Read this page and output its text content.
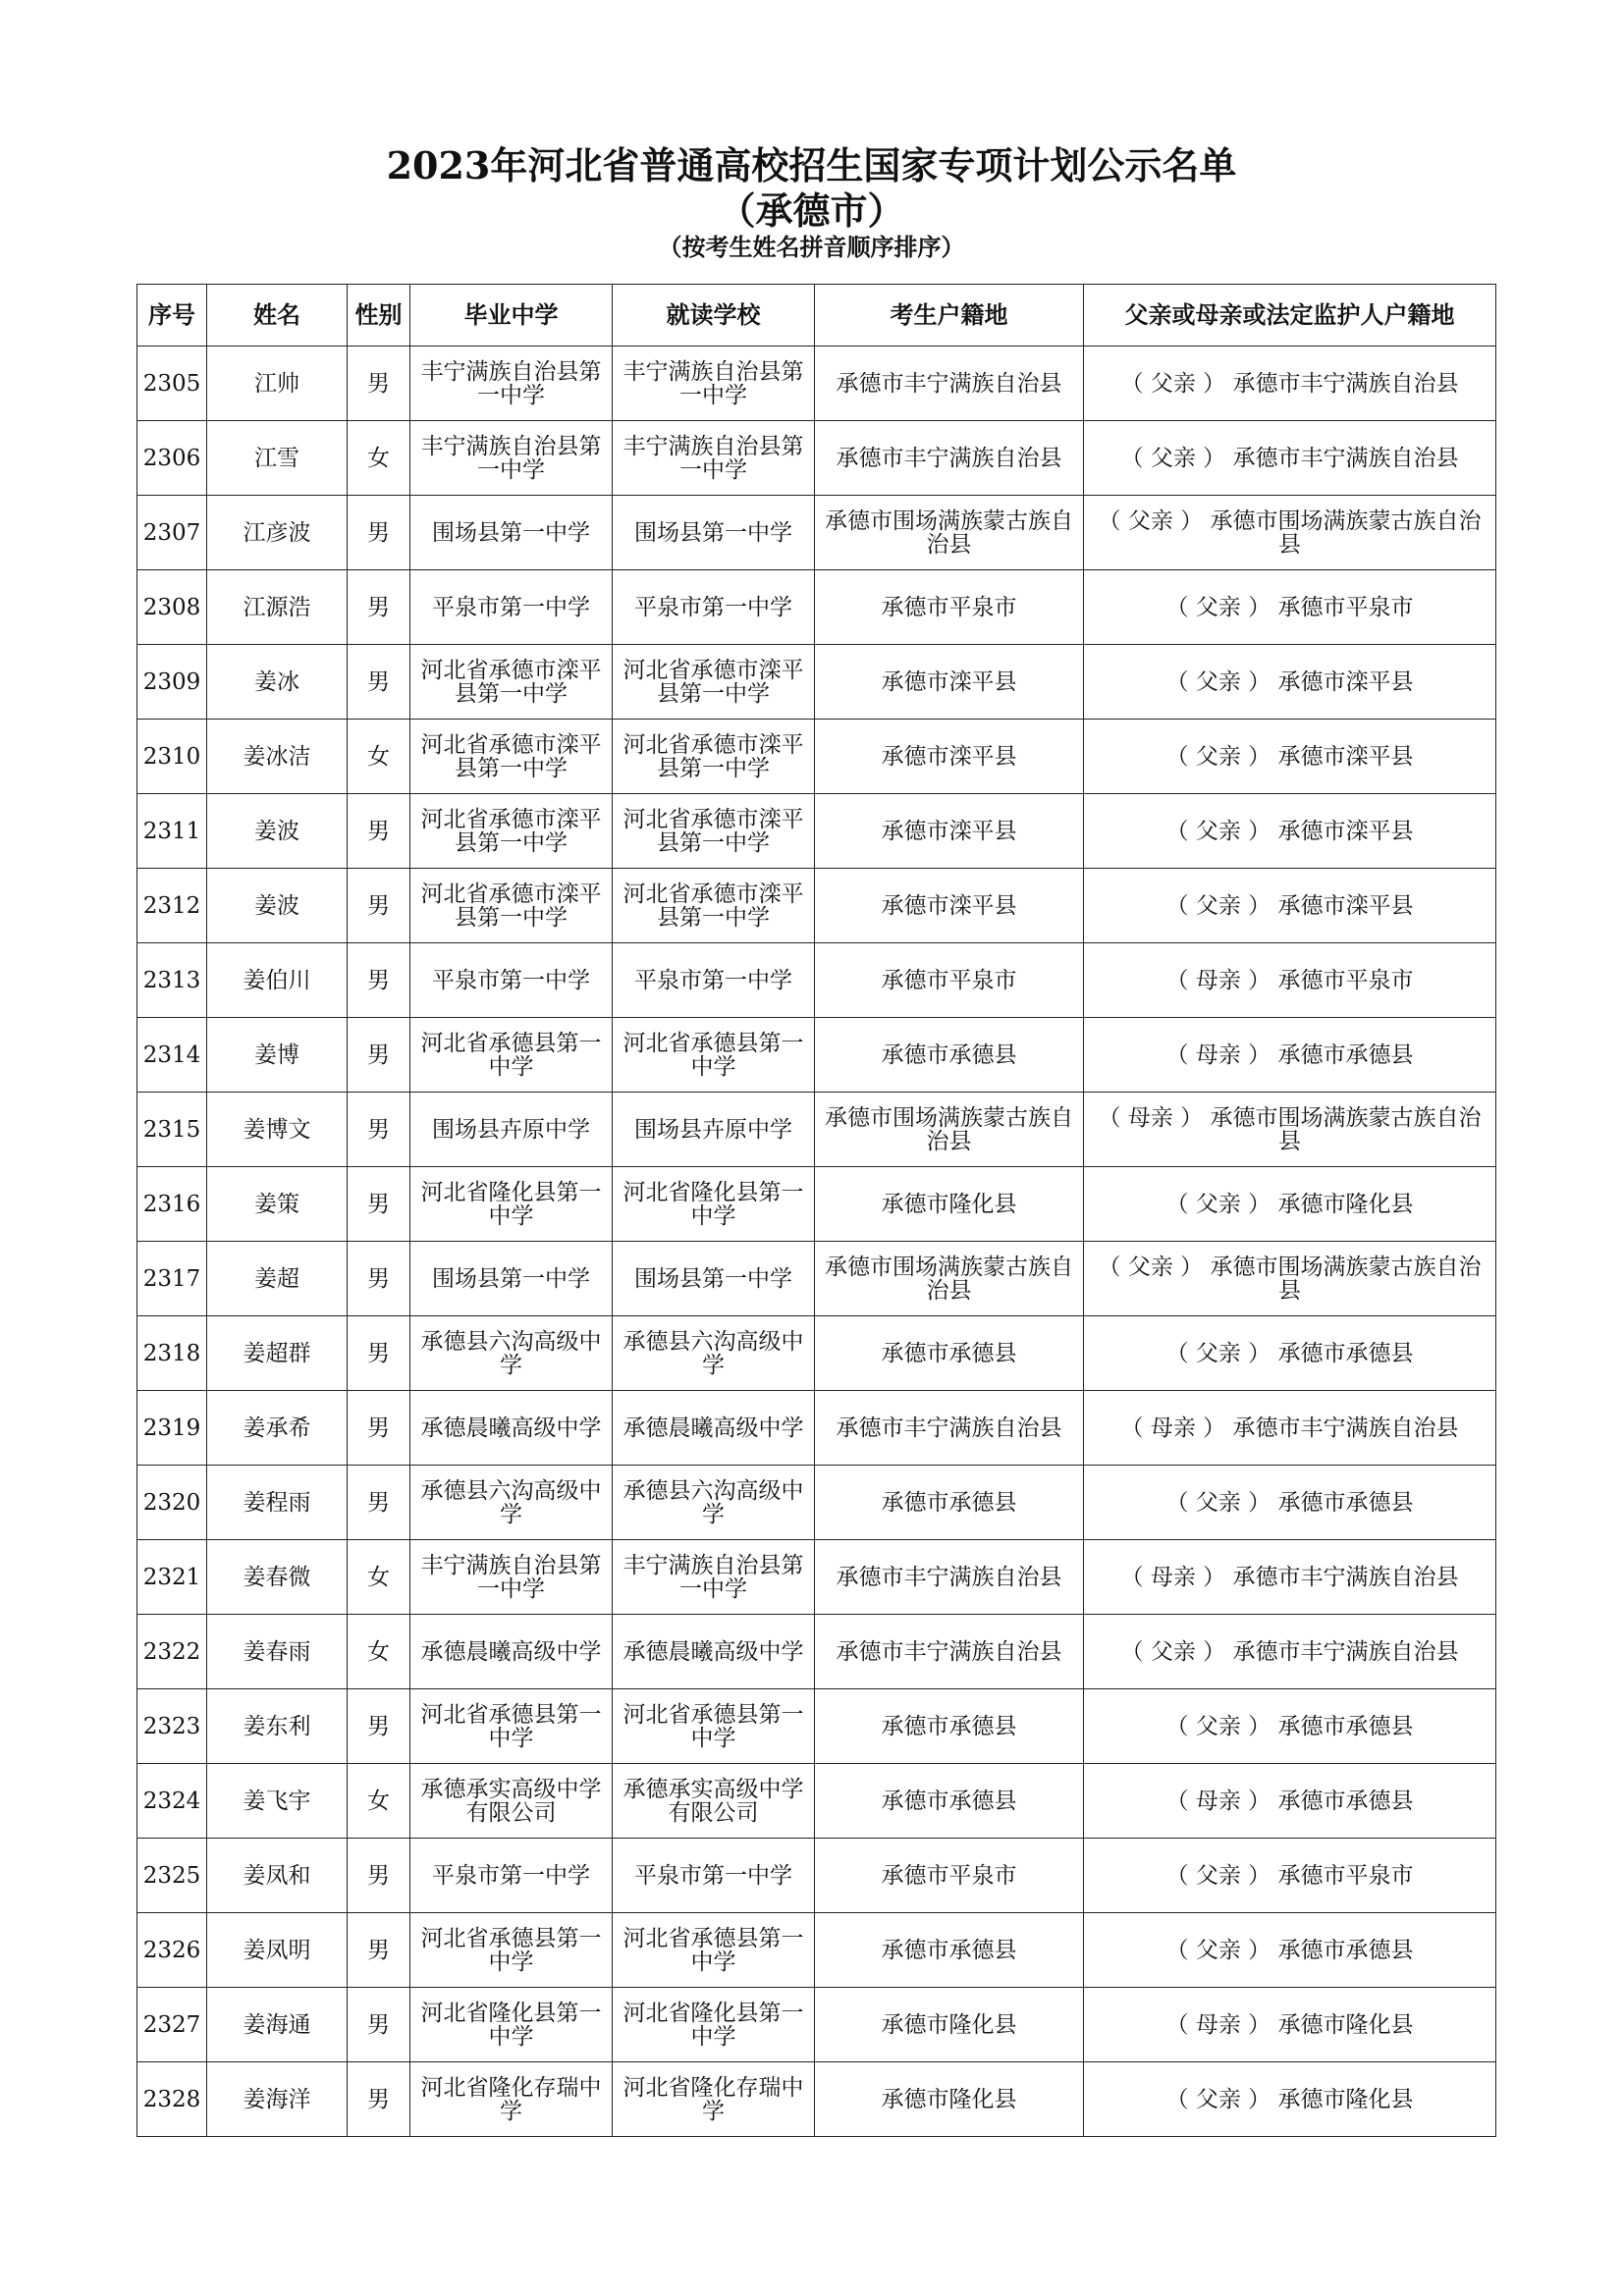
2023年河北省普通高校招生国家专项计划公示名单
（承德市）
（按考生姓名拼音顺序排序）
序号	姓名	性别	毕业中学	就读学校	考生户籍地	父亲或母亲或法定监护人户籍地
2305	江帅	男	丰宁满族自治县第一中学	丰宁满族自治县第一中学	承德市丰宁满族自治县	（ 父亲 ） 承德市丰宁满族自治县
2306	江雪	女	丰宁满族自治县第一中学	丰宁满族自治县第一中学	承德市丰宁满族自治县	（ 父亲 ） 承德市丰宁满族自治县
2307	江彦波	男	围场县第一中学	围场县第一中学	承德市围场满族蒙古族自治县	（ 父亲 ） 承德市围场满族蒙古族自治县
2308	江源浩	男	平泉市第一中学	平泉市第一中学	承德市平泉市	（ 父亲 ） 承德市平泉市
2309	姜冰	男	河北省承德市滦平县第一中学	河北省承德市滦平县第一中学	承德市滦平县	（ 父亲 ） 承德市滦平县
2310	姜冰洁	女	河北省承德市滦平县第一中学	河北省承德市滦平县第一中学	承德市滦平县	（ 父亲 ） 承德市滦平县
2311	姜波	男	河北省承德市滦平县第一中学	河北省承德市滦平县第一中学	承德市滦平县	（ 父亲 ） 承德市滦平县
2312	姜波	男	河北省承德市滦平县第一中学	河北省承德市滦平县第一中学	承德市滦平县	（ 父亲 ） 承德市滦平县
2313	姜伯川	男	平泉市第一中学	平泉市第一中学	承德市平泉市	（ 母亲 ） 承德市平泉市
2314	姜博	男	河北省承德县第一中学	河北省承德县第一中学	承德市承德县	（ 母亲 ） 承德市承德县
2315	姜博文	男	围场县卉原中学	围场县卉原中学	承德市围场满族蒙古族自治县	（ 母亲 ） 承德市围场满族蒙古族自治县
2316	姜策	男	河北省隆化县第一中学	河北省隆化县第一中学	承德市隆化县	（ 父亲 ） 承德市隆化县
2317	姜超	男	围场县第一中学	围场县第一中学	承德市围场满族蒙古族自治县	（ 父亲 ） 承德市围场满族蒙古族自治县
2318	姜超群	男	承德县六沟高级中学	承德县六沟高级中学	承德市承德县	（ 父亲 ） 承德市承德县
2319	姜承希	男	承德晨曦高级中学	承德晨曦高级中学	承德市丰宁满族自治县	（ 母亲 ） 承德市丰宁满族自治县
2320	姜程雨	男	承德县六沟高级中学	承德县六沟高级中学	承德市承德县	（ 父亲 ） 承德市承德县
2321	姜春微	女	丰宁满族自治县第一中学	丰宁满族自治县第一中学	承德市丰宁满族自治县	（ 母亲 ） 承德市丰宁满族自治县
2322	姜春雨	女	承德晨曦高级中学	承德晨曦高级中学	承德市丰宁满族自治县	（ 父亲 ） 承德市丰宁满族自治县
2323	姜东利	男	河北省承德县第一中学	河北省承德县第一中学	承德市承德县	（ 父亲 ） 承德市承德县
2324	姜飞宇	女	承德承实高级中学有限公司	承德承实高级中学有限公司	承德市承德县	（ 母亲 ） 承德市承德县
2325	姜凤和	男	平泉市第一中学	平泉市第一中学	承德市平泉市	（ 父亲 ） 承德市平泉市
2326	姜凤明	男	河北省承德县第一中学	河北省承德县第一中学	承德市承德县	（ 父亲 ） 承德市承德县
2327	姜海通	男	河北省隆化县第一中学	河北省隆化县第一中学	承德市隆化县	（ 母亲 ） 承德市隆化县
2328	姜海洋	男	河北省隆化存瑞中学	河北省隆化存瑞中学	承德市隆化县	（ 父亲 ） 承德市隆化县
